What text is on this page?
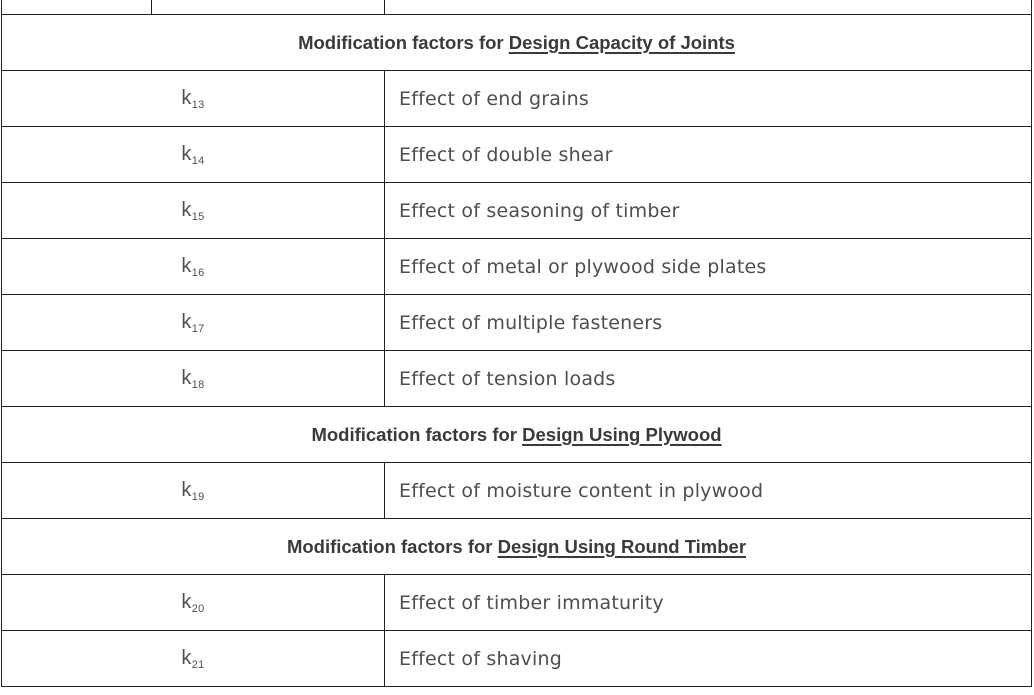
Modification factors for Design Capacity of Joints		
$k_{13}$		Effect of end grains
$k_{14}$		Effect of double shear
$k_{15}$		Effect of seasoning of timber
$k_{16}$		Effect of metal or plywood side plates
$k_{17}$		Effect of multiple fasteners
$k_{18}$		Effect of tension loads
Modification factors for Design Using Plywood		
$k_{19}$		Effect of moisture content in plywood
Modification factors for Design Using Round Timber		
$k_{20}$		Effect of timber immaturity
$k_{21}$		Effect of shaving
